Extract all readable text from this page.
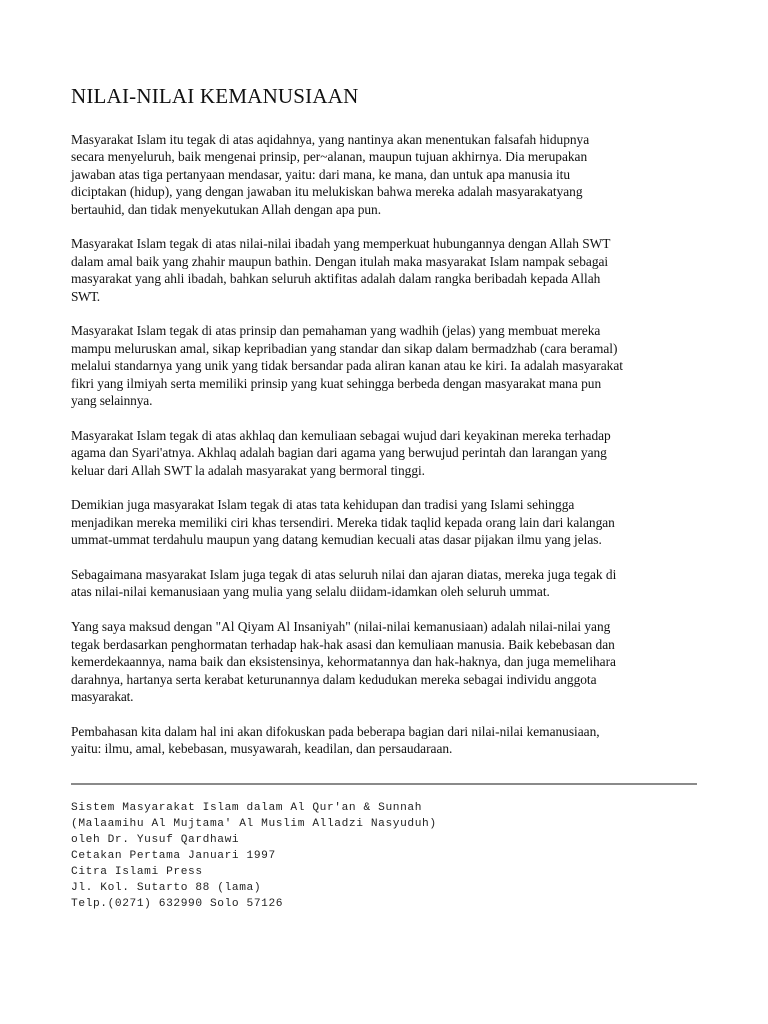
NILAI-NILAI KEMANUSIAAN

Masyarakat Islam itu tegak di atas aqidahnya, yang nantinya akan menentukan falsafah hidupnya
secara menyeluruh, baik mengenai prinsip, per~alanan, maupun tujuan akhirnya. Dia merupakan
jawaban atas tiga pertanyaan mendasar, yaitu: dari mana, ke mana, dan untuk apa manusia itu
diciptakan (hidup), yang dengan jawaban itu melukiskan bahwa mereka adalah masyarakatyang
bertauhid, dan tidak menyekutukan Allah dengan apa pun.

Masyarakat Islam tegak di atas nilai-nilai ibadah yang memperkuat hubungannya dengan Allah SWT
dalam amal baik yang zhahir maupun bathin. Dengan itulah maka masyarakat Islam nampak sebagai
masyarakat yang ahli ibadah, bahkan seluruh aktifitas adalah dalam rangka beribadah kepada Allah
SWT.

Masyarakat Islam tegak di atas prinsip dan pemahaman yang wadhih (jelas) yang membuat mereka
mampu meluruskan amal, sikap kepribadian yang standar dan sikap dalam bermadzhab (cara beramal)
melalui standarnya yang unik yang tidak bersandar pada aliran kanan atau ke kiri. Ia adalah masyarakat
fikri yang ilmiyah serta memiliki prinsip yang kuat sehingga berbeda dengan masyarakat mana pun
yang selainnya.

Masyarakat Islam tegak di atas akhlaq dan kemuliaan sebagai wujud dari keyakinan mereka terhadap
agama dan Syari'atnya. Akhlaq adalah bagian dari agama yang berwujud perintah dan larangan yang
keluar dari Allah SWT la adalah masyarakat yang bermoral tinggi.

Demikian juga masyarakat Islam tegak di atas tata kehidupan dan tradisi yang Islami sehingga
menjadikan mereka memiliki ciri khas tersendiri. Mereka tidak taqlid kepada orang lain dari kalangan
ummat-ummat terdahulu maupun yang datang kemudian kecuali atas dasar pijakan ilmu yang jelas.

Sebagaimana masyarakat Islam juga tegak di atas seluruh nilai dan ajaran diatas, mereka juga tegak di
atas nilai-nilai kemanusiaan yang mulia yang selalu diidam-idamkan oleh seluruh ummat.

Yang saya maksud dengan "Al Qiyam Al Insaniyah" (nilai-nilai kemanusiaan) adalah nilai-nilai yang
tegak berdasarkan penghormatan terhadap hak-hak asasi dan kemuliaan manusia. Baik kebebasan dan
kemerdekaannya, nama baik dan eksistensinya, kehormatannya dan hak-haknya, dan juga memelihara
darahnya, hartanya serta kerabat keturunannya dalam kedudukan mereka sebagai individu anggota
masyarakat.

Pembahasan kita dalam hal ini akan difokuskan pada beberapa bagian dari nilai-nilai kemanusiaan,
yaitu: ilmu, amal, kebebasan, musyawarah, keadilan, dan persaudaraan.

Sistem Masyarakat Islam dalam Al Qur'an & Sunnah
(Malaamihu Al Mujtama' Al Muslim Alladzi Nasyuduh)
oleh Dr. Yusuf Qardhawi
Cetakan Pertama Januari 1997
Citra Islami Press
Jl. Kol. Sutarto 88 (lama)
Telp.(0271) 632990 Solo 57126
